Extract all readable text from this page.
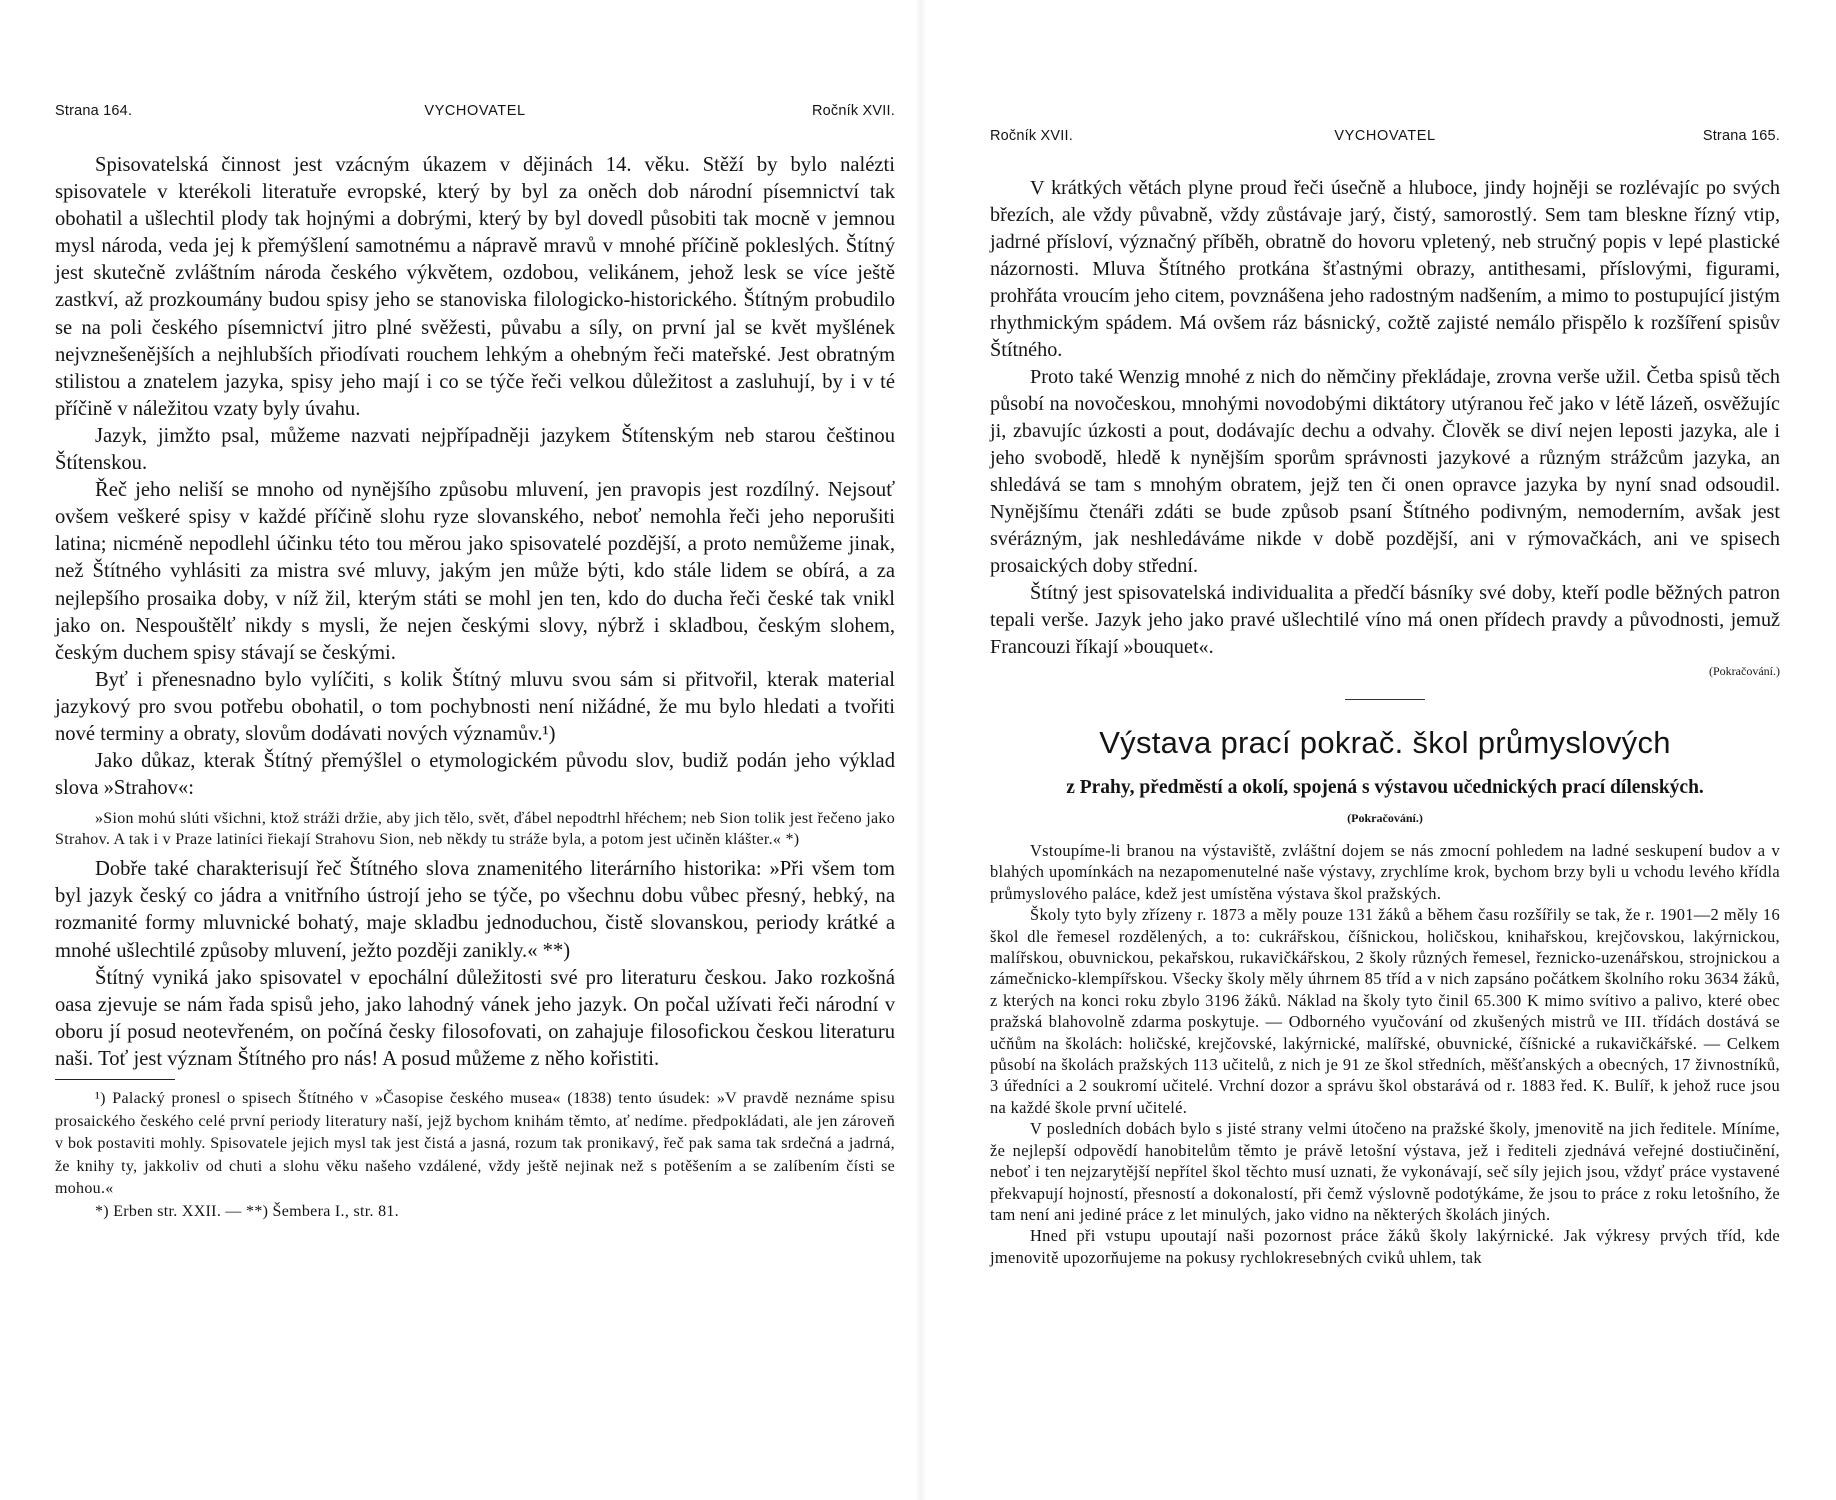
Strana 164.	VYCHOVATEL	Ročník XVII.

Spisovatelská činnost jest vzácným úkazem v dějinách 14. věku. Stěží by bylo nalézti spisovatele v kterékoli literatuře evropské, který by byl za oněch dob národní písemnictví tak obohatil a ušlechtil plody tak hojnými a dobrými, který by byl dovedl působiti tak mocně v jemnou mysl národa, veda jej k přemýšlení samotnému a nápravě mravů v mnohé příčině pokleslých. Štítný jest skutečně zvláštním národa českého výkvětem, ozdobou, velikánem, jehož lesk se více ještě zastkví, až prozkoumány budou spisy jeho se stanoviska filologicko-historického. Štítným probudilo se na poli českého písemnictví jitro plné svěžesti, půvabu a síly, on první jal se květ myšlének nejvznešenějších a nejhlubších přiodívati rouchem lehkým a ohebným řeči mateřské. Jest obratným stilistou a znatelem jazyka, spisy jeho mají i co se týče řeči velkou důležitost a zasluhují, by i v té příčině v náležitou vzaty byly úvahu.

Jazyk, jimžto psal, můžeme nazvati nejpřípadněji jazykem Štítenským neb starou češtinou Štítenskou.

Řeč jeho neliší se mnoho od nynějšího způsobu mluvení, jen pravopis jest rozdílný. Nejsouť ovšem veškeré spisy v každé příčině slohu ryze slovanského, neboť nemohla řeči jeho neporušiti latina; nicméně nepodlehl účinku této tou měrou jako spisovatelé pozdější, a proto nemůžeme jinak, než Štítného vyhlásiti za mistra své mluvy, jakým jen může býti, kdo stále lidem se obírá, a za nejlepšího prosaika doby, v níž žil, kterým státi se mohl jen ten, kdo do ducha řeči české tak vnikl jako on. Nespouštělť nikdy s mysli, že nejen českými slovy, nýbrž i skladbou, českým slohem, českým duchem spisy stávají se českými.

Byť i přenesnadno bylo vylíčiti, s kolik Štítný mluvu svou sám si přitvořil, kterak material jazykový pro svou potřebu obohatil, o tom pochybnosti není nižádné, že mu bylo hledati a tvořiti nové terminy a obraty, slovům dodávati nových významův.¹)

Jako důkaz, kterak Štítný přemýšlel o etymologickém původu slov, budiž podán jeho výklad slova »Strahov«:

»Sion mohú slúti všichni, ktož stráži držie, aby jich tělo, svět, ďábel nepodtrhl hřéchem; neb Sion tolik jest řečeno jako Strahov. A tak i v Praze latiníci řiekají Strahovu Sion, neb někdy tu stráže byla, a potom jest učiněn klášter.« *)

Dobře také charakterisují řeč Štítného slova znamenitého literárního historika: »Při všem tom byl jazyk český co jádra a vnitřního ústrojí jeho se týče, po všechnu dobu vůbec přesný, hebký, na rozmanité formy mluvnické bohatý, maje skladbu jednoduchou, čistě slovanskou, periody krátké a mnohé ušlechtilé způsoby mluvení, ježto později zanikly.« **)

Štítný vyniká jako spisovatel v epochální důležitosti své pro literaturu českou. Jako rozkošná oasa zjevuje se nám řada spisů jeho, jako lahodný vánek jeho jazyk. On počal užívati řeči národní v oboru jí posud neotevřeném, on počíná česky filosofovati, on zahajuje filosofickou českou literaturu naši. Toť jest význam Štítného pro nás! A posud můžeme z něho kořistiti.

¹) Palacký pronesl o spisech Štítného v »Časopise českého musea« (1838) tento úsudek: »V pravdě neznáme spisu prosaického českého celé první periody literatury naší, jejž bychom knihám těmto, ať nedíme. předpokládati, ale jen zároveň v bok postaviti mohly. Spisovatele jejich mysl tak jest čistá a jasná, rozum tak pronikavý, řeč pak sama tak srdečná a jadrná, že knihy ty, jakkoliv od chuti a slohu věku našeho vzdálené, vždy ještě nejinak než s potěšením a se zalíbením čísti se mohou.«

*) Erben str. XXII. — **) Šembera I., str. 81.

Ročník XVII.	VYCHOVATEL	Strana 165.

V krátkých větách plyne proud řeči úsečně a hluboce, jindy hojněji se rozlévajíc po svých březích, ale vždy půvabně, vždy zůstávaje jarý, čistý, samorostlý. Sem tam bleskne řízný vtip, jadrné přísloví, význačný příběh, obratně do hovoru vpletený, neb stručný popis v lepé plastické názornosti. Mluva Štítného protkána šťastnými obrazy, antithesami, příslovými, figurami, prohřáta vroucím jeho citem, povznášena jeho radostným nadšením, a mimo to postupující jistým rhythmickým spádem. Má ovšem ráz básnický, cožtě zajisté nemálo přispělo k rozšíření spisův Štítného.

Proto také Wenzig mnohé z nich do němčiny překládaje, zrovna verše užil. Četba spisů těch působí na novočeskou, mnohými novodobými diktátory utýranou řeč jako v létě lázeň, osvěžujíc ji, zbavujíc úzkosti a pout, dodávajíc dechu a odvahy. Člověk se diví nejen leposti jazyka, ale i jeho svobodě, hledě k nynějším sporům správnosti jazykové a různým strážcům jazyka, an shledává se tam s mnohým obratem, jejž ten či onen opravce jazyka by nyní snad odsoudil. Nynějšímu čtenáři zdáti se bude způsob psaní Štítného podivným, nemoderním, avšak jest svérázným, jak neshledáváme nikde v době pozdější, ani v rýmovačkách, ani ve spisech prosaických doby střední.

Štítný jest spisovatelská individualita a předčí básníky své doby, kteří podle běžných patron tepali verše. Jazyk jeho jako pravé ušlechtilé víno má onen přídech pravdy a původnosti, jemuž Francouzi říkají »bouquet«.

(Pokračování.)

Výstava prací pokrač. škol průmyslových

z Prahy, předměstí a okolí, spojená s výstavou učednických prací dílenských.

(Pokračování.)

Vstoupíme-li branou na výstaviště, zvláštní dojem se nás zmocní pohledem na ladné seskupení budov a v blahých upomínkách na nezapomenutelné naše výstavy, zrychlíme krok, bychom brzy byli u vchodu levého křídla průmyslového paláce, kdež jest umístěna výstava škol pražských.

Školy tyto byly zřízeny r. 1873 a měly pouze 131 žáků a během času rozšířily se tak, že r. 1901—2 měly 16 škol dle řemesel rozdělených, a to: cukrářskou, číšnickou, holičskou, knihařskou, krejčovskou, lakýrnickou, malířskou, obuvnickou, pekařskou, rukavičkářskou, 2 školy různých řemesel, řeznicko-uzenářskou, strojnickou a zámečnicko-klempířskou. Všecky školy měly úhrnem 85 tříd a v nich zapsáno počátkem školního roku 3634 žáků, z kterých na konci roku zbylo 3196 žáků. Náklad na školy tyto činil 65.300 K mimo svítivo a palivo, které obec pražská blahovolně zdarma poskytuje. — Odborného vyučování od zkušených mistrů ve III. třídách dostává se učňům na školách: holičské, krejčovské, lakýrnické, malířské, obuvnické, číšnické a rukavičkářské. — Celkem působí na školách pražských 113 učitelů, z nich je 91 ze škol středních, měšťanských a obecných, 17 živnostníků, 3 úředníci a 2 soukromí učitelé. Vrchní dozor a správu škol obstarává od r. 1883 řed. K. Bulíř, k jehož ruce jsou na každé škole první učitelé.

V posledních dobách bylo s jisté strany velmi útočeno na pražské školy, jmenovitě na jich ředitele. Míníme, že nejlepší odpovědí hanobitelům těmto je právě letošní výstava, jež i řediteli zjednává veřejné dostiučinění, neboť i ten nejzarytější nepřítel škol těchto musí uznati, že vykonávají, seč síly jejich jsou, vždyť práce vystavené překvapují hojností, přesností a dokonalostí, při čemž výslovně podotýkáme, že jsou to práce z roku letošního, že tam není ani jediné práce z let minulých, jako vidno na některých školách jiných.

Hned při vstupu upoutají naši pozornost práce žáků školy lakýrnické. Jak výkresy prvých tříd, kde jmenovitě upozorňujeme na pokusy rychlokresebných cviků uhlem, tak
